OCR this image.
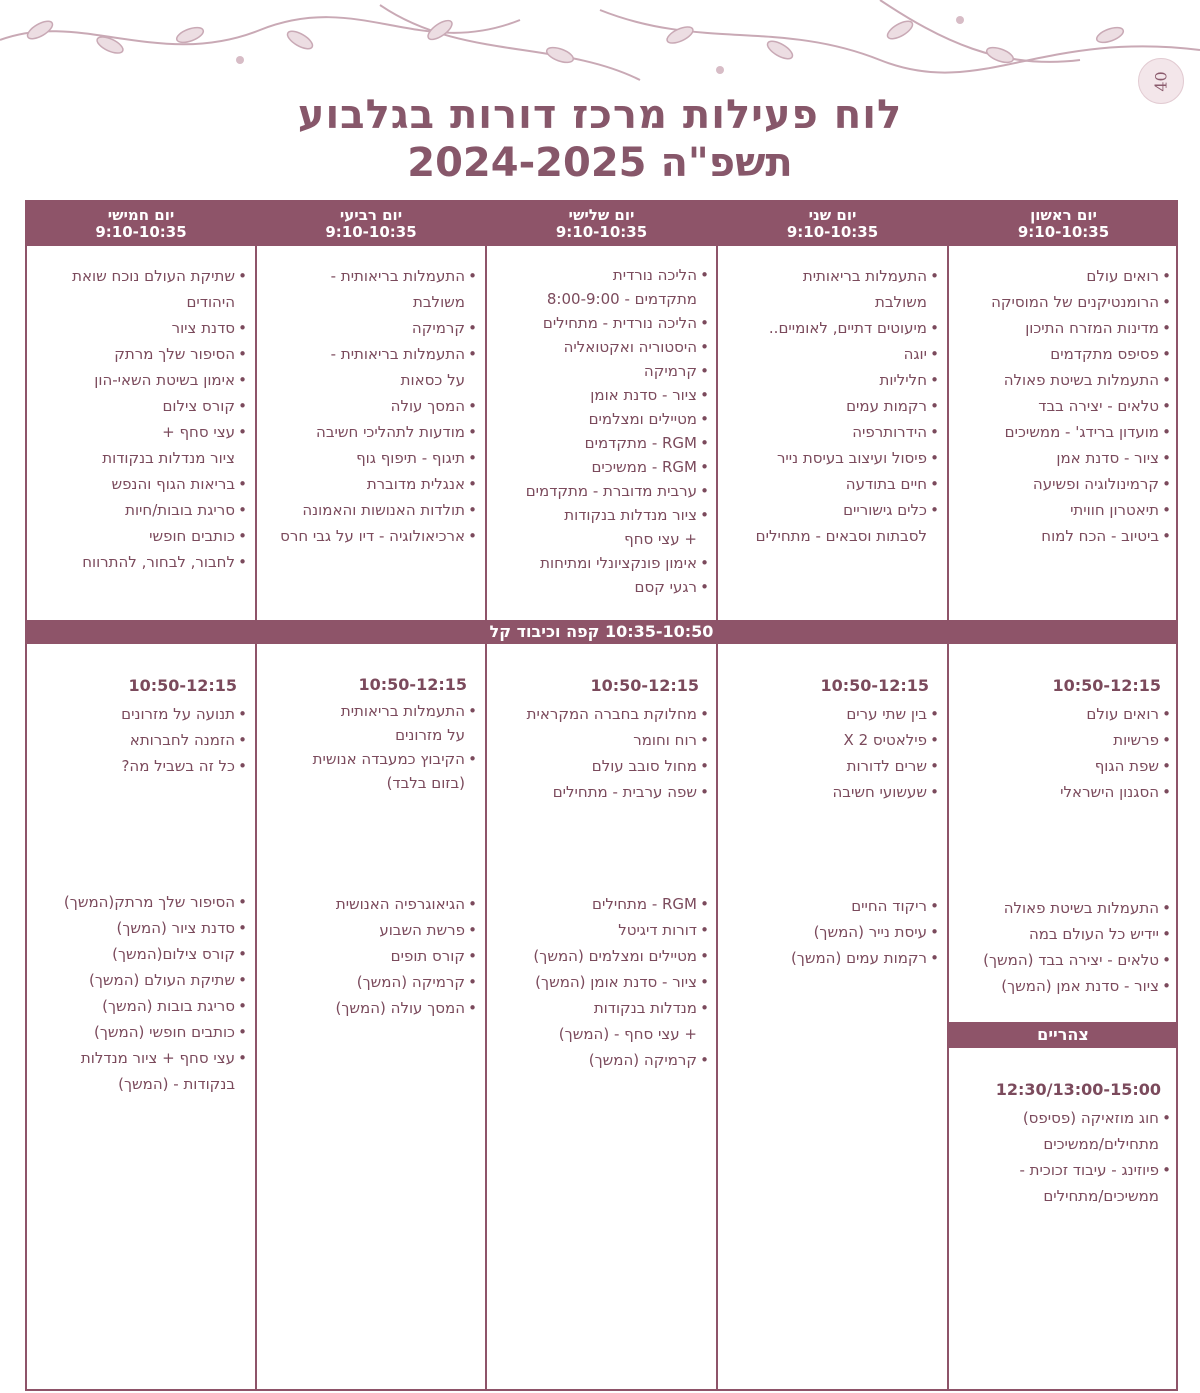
40
לוח פעילות מרכז דורות בגלבוע
תשפ"ה 2024-2025
יום ראשון
9:10-10:35
יום שני
9:10-10:35
יום שלישי
9:10-10:35
יום רביעי
9:10-10:35
יום חמישי
9:10-10:35
10:35-10:50 קפה וכיבוד קל
• רואים עולם
• הרומנטיקנים של המוסיקה
• מדינות המזרח התיכון
• פסיפס מתקדמים
• התעמלות בשיטת פאולה
• טלאים - יצירה בבד
• מועדון ברידג' - ממשיכים
• ציור - סדנת אמן
• קרמינולוגיה ופשיעה
• תיאטרון חוויתי
• ביטיוב - הכח למוח
• התעמלות בריאותית
משולבת
• מיעוטים דתיים, לאומיים..
• יוגה
• חליליות
• רקמות עמים
• הידרותרפיה
• פיסול ועיצוב בעיסת נייר
• חיים בתודעה
• כלים גישוריים
לסבתות וסבאים - מתחילים
• הליכה נורדית
מתקדמים - 8:00-9:00
• הליכה נורדית - מתחילים
• היסטוריה ואקטואליה
• קרמיקה
• ציור - סדנת אומן
• מטיילים ומצלמים
• RGM - מתקדמים
• RGM - ממשיכים
• ערבית מדוברת - מתקדמים
• ציור מנדלות בנקודות
+ עצי סחף
• אימון פונקציונלי ומתיחות
• רגעי קסם
• התעמלות בריאותית -
משולבת
• קרמיקה
• התעמלות בריאותית -
על כסאות
• המסך עולה
• מודעות לתהליכי חשיבה
• תיגוף - תיפוף גוף
• אנגלית מדוברת
• תולדות האנושות והאמונה
• ארכיאולוגיה - דיו על גבי חרס
• שתיקת העולם נוכח שואת
היהודים
• סדנת ציור
• הסיפור שלך מרתק
• אימון בשיטת השאי-הון
• קורס צילום
• עצי סחף +
ציור מנדלות בנקודות
• בריאות הגוף והנפש
• סריגת בובות/חיות
• כותבים חופשי
• לחבור, לבחור, להתרווח
10:50-12:15
• רואים עולם
• פרשיות
• שפת הגוף
• הסגנון הישראלי
10:50-12:15
• בין שתי ערים
• פילאטיס X 2
• שרים לדורות
• שעשועי חשיבה
10:50-12:15
• מחלוקת בחברה המקראית
• רוח וחומר
• מחול סובב עולם
• שפה ערבית - מתחילים
10:50-12:15
• התעמלות בריאותית
על מזרונים
• הקיבוץ כמעבדה אנושית
(בזום בלבד)
10:50-12:15
• תנועה על מזרונים
• הזמנה לחברותא
• כל זה בשביל מה?
• התעמלות בשיטת פאולה
• יידיש כל העולם במה
• טלאים - יצירה בבד (המשך)
• ציור - סדנת אמן (המשך)
• ריקוד החיים
• עיסת נייר (המשך)
• רקמות עמים (המשך)
• RGM - מתחילים
• דורות דיגיטל
• מטיילים ומצלמים (המשך)
• ציור - סדנת אומן (המשך)
• מנדלות בנקודות
+ עצי סחף - (המשך)
• קרמיקה (המשך)
• הגיאוגרפיה האנושית
• פרשת השבוע
• קורס תופים
• קרמיקה (המשך)
• המסך עולה (המשך)
• הסיפור שלך מרתק(המשך)
• סדנת ציור (המשך)
• קורס צילום(המשך)
• שתיקת העולם (המשך)
• סריגת בובות (המשך)
• כותבים חופשי (המשך)
• עצי סחף + ציור מנדלות
בנקודות - (המשך)
צהריים
12:30/13:00-15:00
• חוג מוזאיקה (פסיפס)
מתחילים/ממשיכים
• פיוזינג - עיבוד זכוכית -
ממשיכים/מתחילים
